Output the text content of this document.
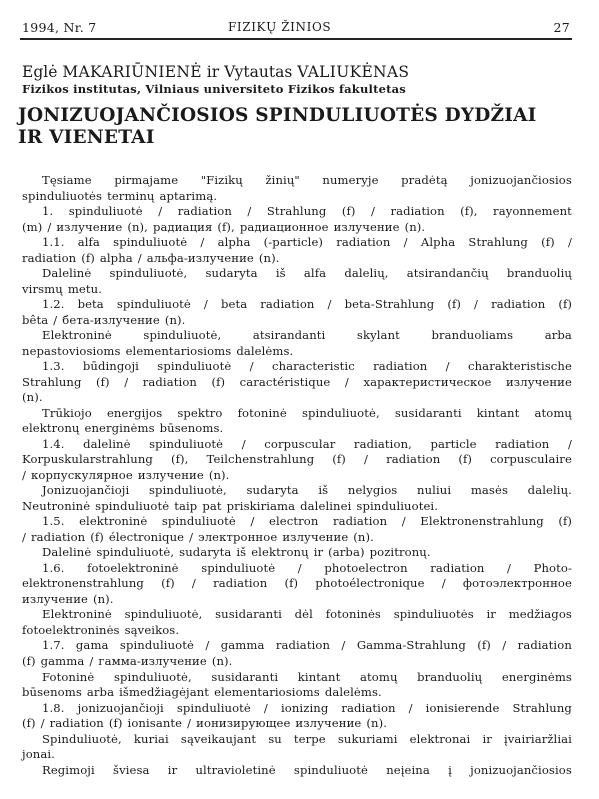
1994, Nr. 7	FIZIKŲ ŽINIOS	27
Eglė MAKARIŪNIENĖ ir Vytautas VALIUKĖNAS
Fizikos institutas, Vilniaus universiteto Fizikos fakultetas
JONIZUOJANČIOSIOS SPINDULIUOTĖS DYDŽIAI
IR VIENETAI
Tęsiame pirmajame "Fizikų žinių" numeryje pradėtą jonizuojančiosios
spinduliuotės terminų aptarimą.
1. spinduliuotė / radiation / Strahlung (f) / radiation (f), rayonnement
(m) / излучение (n), радиация (f), радиационное излучение (n).
1.1. alfa spinduliuotė / alpha (-particle) radiation / Alpha Strahlung (f) /
radiation (f) alpha / альфа-излучение (n).
Dalelinė spinduliuotė, sudaryta iš alfa dalelių, atsirandančių branduolių
virsmų metu.
1.2. beta spinduliuotė / beta radiation / beta-Strahlung (f) / radiation (f)
bêta / бета-излучение (n).
Elektroninė	spinduliuotė,	atsirandanti	skylant	branduoliams	arba
nepastoviosioms elementariosioms dalelėms.
1.3. būdingoji spinduliuotė / characteristic radiation / charakteristische
Strahlung (f) / radiation (f) caractéristique / характеристическое излучение
(n).
Trūkiojo energijos spektro fotoninė spinduliuotė, susidaranti kintant atomų
elektronų energinėms būsenoms.
1.4. dalelinė spinduliuotė / corpuscular radiation, particle radiation /
Korpuskularstrahlung (f), Teilchenstrahlung (f) / radiation (f) corpusculaire
/ корпускулярное излучение (n).
Jonizuojančioji spinduliuotė, sudaryta iš nelygios nuliui masės dalelių.
Neutroninė spinduliuotė taip pat priskiriama dalelinei spinduliuotei.
1.5. elektroninė spinduliuotė / electron radiation / Elektronenstrahlung (f)
/ radiation (f) électronique / электронное излучение (n).
Dalelinė spinduliuotė, sudaryta iš elektronų ir (arba) pozitronų.
1.6. fotoelektroninė spinduliuotė / photoelectron radiation / Photo-
elektronenstrahlung (f) / radiation (f) photoélectronique / фотоэлектронное
излучение (n).
Elektroninė spinduliuotė, susidaranti dėl fotoninės spinduliuotės ir medžiagos
fotoelektroninės sąveikos.
1.7. gama spinduliuotė / gamma radiation / Gamma-Strahlung (f) / radiation
(f) gamma / гамма-излучение (n).
Fotoninė spinduliuotė, susidaranti kintant atomų branduolių energinėms
būsenoms arba išmedžiagėjant elementariosioms dalelėms.
1.8. jonizuojančioji spinduliuotė / ionizing radiation / ionisierende Strahlung
(f) / radiation (f) ionisante / ионизирующее излучение (n).
Spinduliuotė, kuriai sąveikaujant su terpe sukuriami elektronai ir įvairiaržliai
jonai.
Regimoji šviesa ir ultravioletinė spinduliuotė neįeina į jonizuojančiosios
